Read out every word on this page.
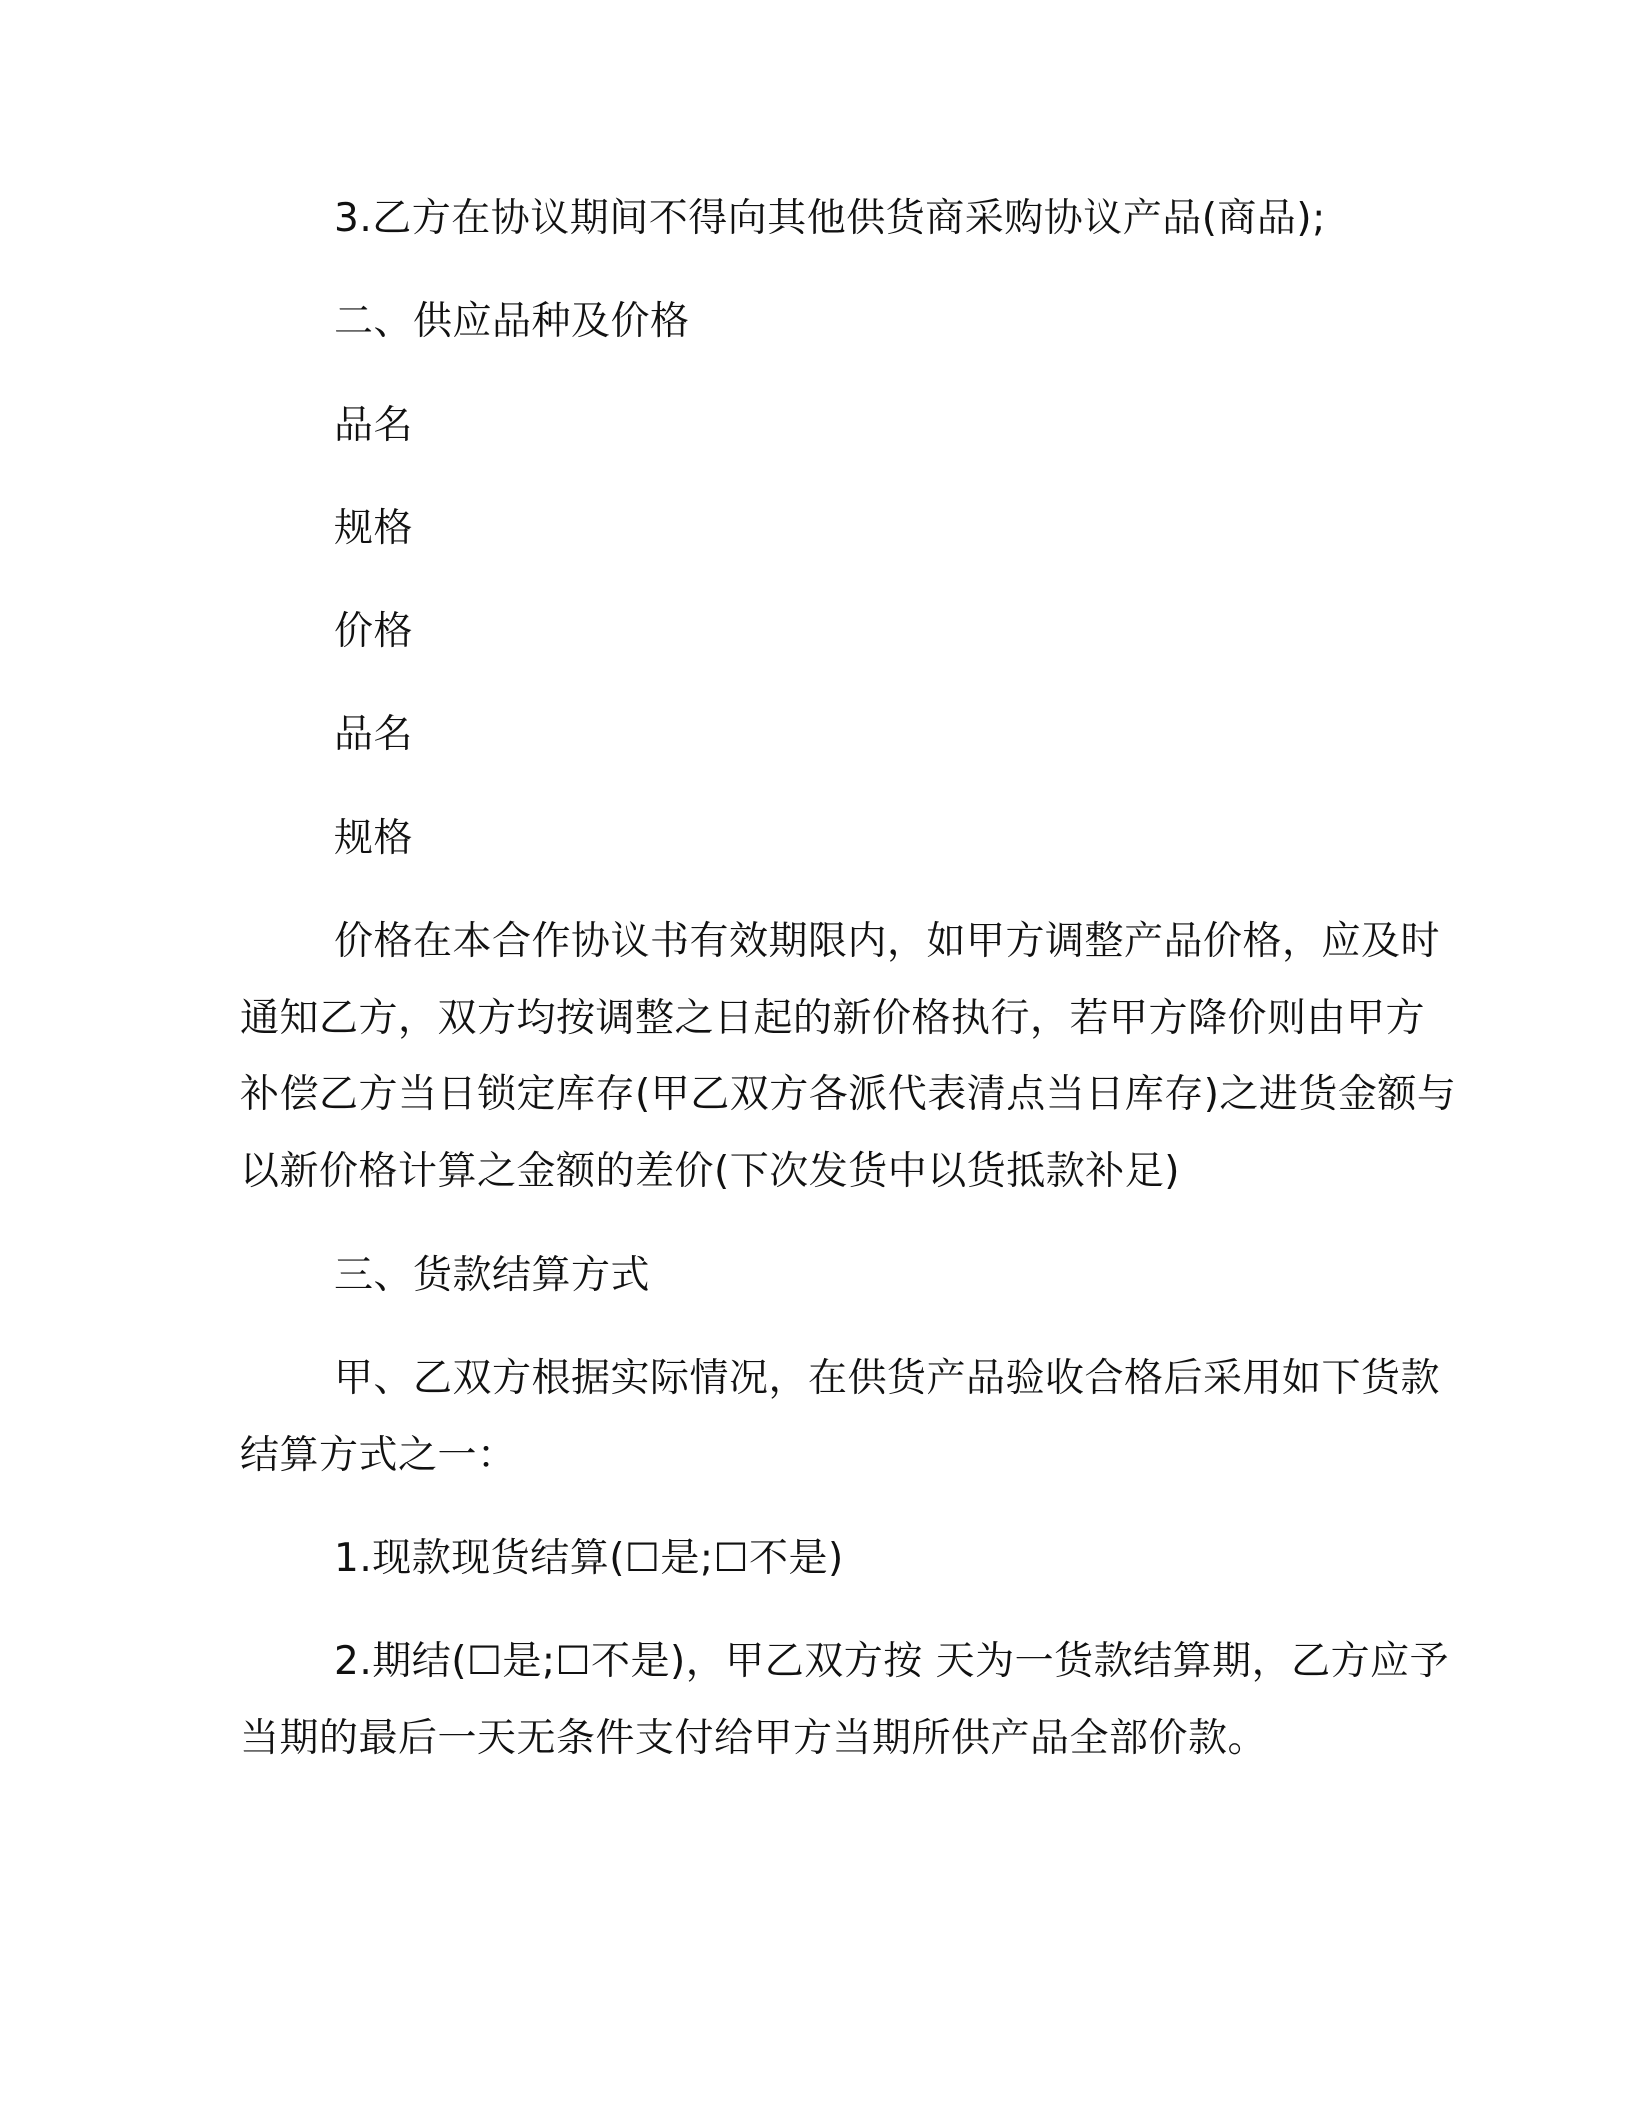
3.乙方在协议期间不得向其他供货商采购协议产品(商品);
二、供应品种及价格
品名
规格
价格
品名
规格
价格在本合作协议书有效期限内，如甲方调整产品价格，应及时
通知乙方，双方均按调整之日起的新价格执行，若甲方降价则由甲方
补偿乙方当日锁定库存(甲乙双方各派代表清点当日库存)之进货金额与
以新价格计算之金额的差价(下次发货中以货抵款补足)
三、货款结算方式
甲、乙双方根据实际情况，在供货产品验收合格后采用如下货款
结算方式之一：
1.现款现货结算(☐是;☐不是)
2.期结(☐是;☐不是)，甲乙双方按 天为一货款结算期，乙方应予
当期的最后一天无条件支付给甲方当期所供产品全部价款。
